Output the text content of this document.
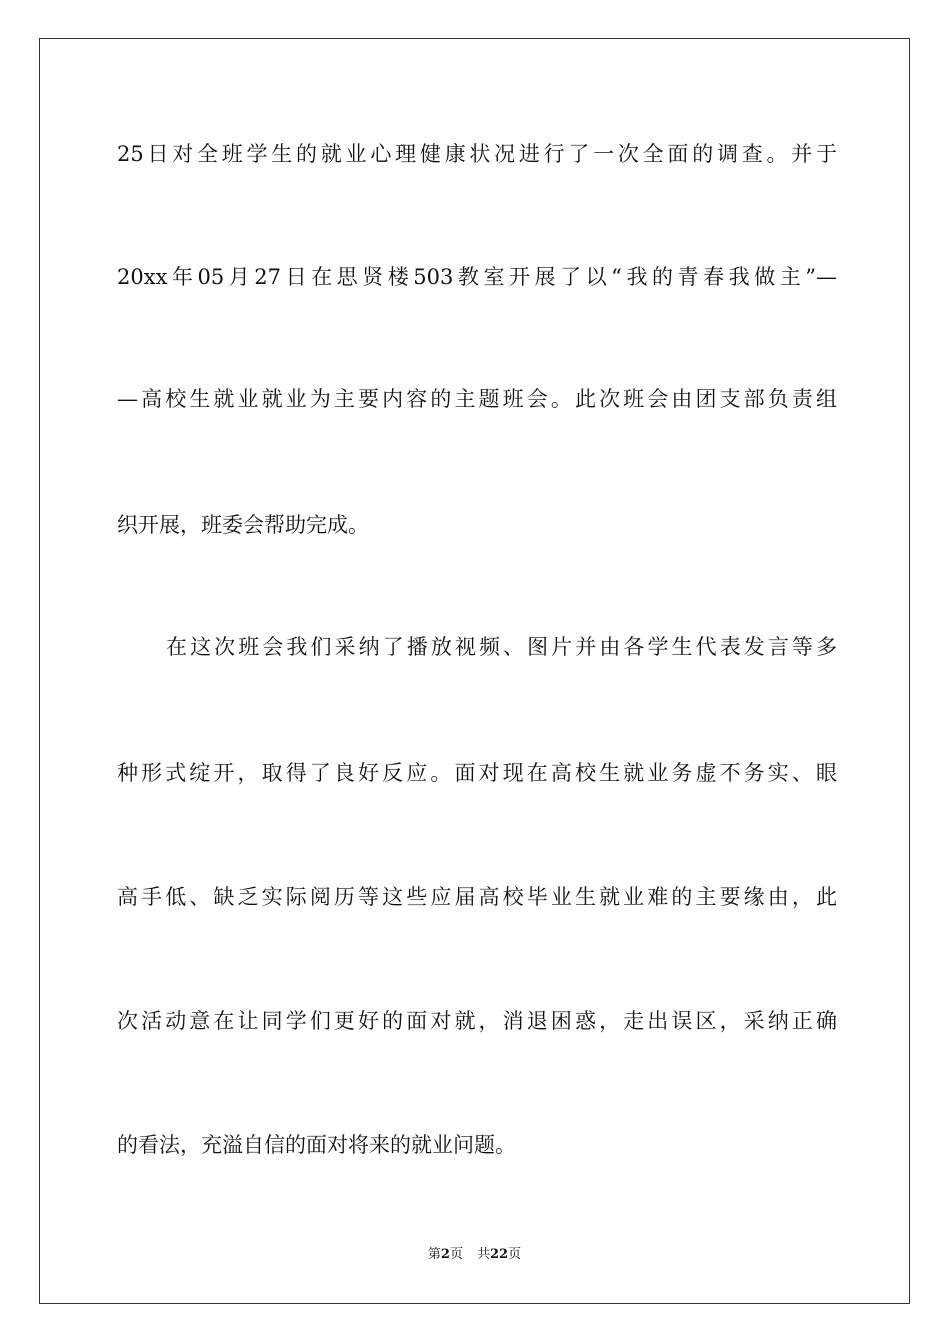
25日对全班学生的就业心理健康状况进行了一次全面的调查。并于
20xx年05月27日在思贤楼503教室开展了以“我的青春我做主”—
—高校生就业就业为主要内容的主题班会。此次班会由团支部负责组
织开展，班委会帮助完成。
在这次班会我们采纳了播放视频、图片并由各学生代表发言等多
种形式绽开，取得了良好反应。面对现在高校生就业务虚不务实、眼
高手低、缺乏实际阅历等这些应届高校毕业生就业难的主要缘由，此
次活动意在让同学们更好的面对就，消退困惑，走出误区，采纳正确
的看法，充溢自信的面对将来的就业问题。
第2页 共22页
